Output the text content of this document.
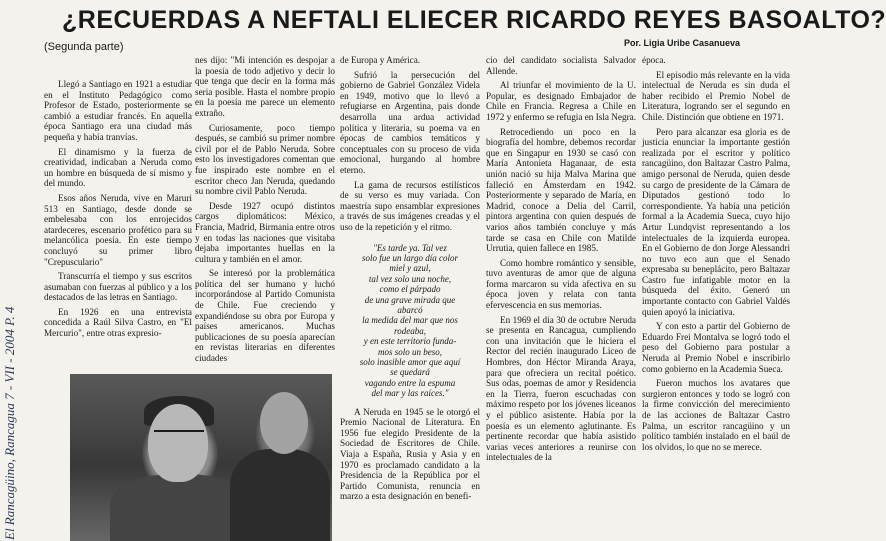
¿RECUERDAS A NEFTALI ELIECER RICARDO REYES BASOALTO?
(Segunda parte)	Por. Ligia Uribe Casanueva

Llegó a Santiago en 1921 a estudiar en el Instituto Pedagógico como Profesor de Estado, posteriormente se cambió a estudiar francés. En aquella época Santiago era una ciudad más pequeña y había tranvías.

El dinamismo y la fuerza de creatividad, indicaban a Neruda como un hombre en búsqueda de sí mismo y del mundo.

Esos años Neruda, vive en Maruri 513 en Santiago, desde donde se embelesaba con los enrojecidos atardeceres, escenario profético para su melancólica poesía. En este tiempo concluyó su primer libro "Crepusculario"

Transcurría el tiempo y sus escritos asumaban con fuerzas al público y a los destacados de las letras en Santiago.

En 1926 en una entrevista concedida a Raúl Silva Castro, en "El Mercurio", entre otras expresio-

nes dijo: "Mi intención es despojar a la poesía de todo adjetivo y decir lo que tenga que decir en la forma más seria posible. Hasta el nombre propio en la poesía me parece un elemento extraño.

Curiosamente, poco tiempo después, se cambió su primer nombre civil por el de Pablo Neruda. Sobre esto los investigadores comentan que fue inspirado este nombre en el escritor checo Jan Neruda, quedando su nombre civil Pablo Neruda.

Desde 1927 ocupó distintos cargos diplomáticos: México, Francia, Madrid, Birmania entre otros y en todas las naciones que visitaba dejaba importantes huellas en la cultura y también en el amor.

Se interesó por la problemática política del ser humano y luchó incorporándose al Partido Comunista de Chile. Fue creciendo y expandiéndose su obra por Europa y países americanos. Muchas publicaciones de su poesía aparecían en revistas literarias en diferentes ciudades

de Europa y América.

Sufrió la persecución del gobierno de Gabriel González Videla en 1949, motivo que lo llevó a refugiarse en Argentina, pais donde desarrolla una ardua actividad política y literaria, su poema va en épocas de cambios temáticos y conceptuales con su proceso de vida emocional, hurgando al hombre eterno.

La gama de recursos estilísticos de su verso es muy variada. Con maestría supo ensamblar expresiones a través de sus imágenes creadas y el uso de la repetición y el ritmo.

"Es tarde ya. Tal vez
solo fue un largo día color
miel y azul,
tal vez solo una noche,
como el párpado
de una grave mirada que
abarcó
la medida del mar que nos
rodeaba,
y en este territorio funda-
mos solo un beso,
solo inasible amor que aquí
se quedará
vagando entre la espuma
del mar y las raíces."

A Neruda en 1945 se le otorgó el Premio Nacional de Literatura. En 1956 fue elegido Presidente de la Sociedad de Escritores de Chile. Viaja a España, Rusia y Asia y en 1970 es proclamado candidato a la Presidencia de la República por el Partido Comunista, renuncia en marzo a esta designación en benefi-

cio del candidato socialista Salvador Allende.

Al triunfar el movimiento de la U. Popular, es designado Embajador de Chile en Francia. Regresa a Chile en 1972 y enfermo se refugia en Isla Negra.

Retrocediendo un poco en la biografía del hombre, debemos recordar que en Singapur en 1930 se casó con María Antonieta Haganaar, de esta unión nació su hija Malva Marina que falleció en Ámsterdam en 1942. Posteriormente y separado de María, en Madrid, conoce a Delia del Carril, pintora argentina con quien después de varios años también concluye y más tarde se casa en Chile con Matilde Urrutia, quien fallece en 1985.

Como hombre romántico y sensible, tuvo aventuras de amor que de alguna forma marcaron su vida afectiva en su época joven y relata con tanta efervescencia en sus memorias.

En 1969 el día 30 de octubre Neruda se presenta en Rancagua, cumpliendo con una invitación que le hiciera el Rector del recién inaugurado Liceo de Hombres, don Héctor Miranda Araya, para que ofreciera un recital poético. Sus odas, poemas de amor y Residencia en la Tierra, fueron escuchadas con máximo respeto por los jóvenes liceanos y el público asistente. Había por la poesía es un elemento aglutinante. Es pertinente recordar que había asistido varias veces anteriores a reunirse con intelectuales de la

época.

El episodio más relevante en la vida intelectual de Neruda es sin duda el haber recibido el Premio Nobel de Literatura, logrando ser el segundo en Chile. Distinción que obtiene en 1971.

Pero para alcanzar esa gloria es de justicia enunciar la importante gestión realizada por el escritor y político rancagüino, don Baltazar Castro Palma, amigo personal de Neruda, quien desde su cargo de presidente de la Cámara de Diputados gestionó todo lo correspondiente. Ya había una petición formal a la Academia Sueca, cuyo hijo Artur Lundqvist representando a los intelectuales de la izquierda europea. En el Gobierno de don Jorge Alessandri no tuvo eco aun que el Senado expresaba su beneplácito, pero Baltazar Castro fue infatigable motor en la búsqueda del éxito. Generó un importante contacto con Gabriel Valdés quien apoyó la iniciativa.

Y con esto a partir del Gobierno de Eduardo Frei Montalva se logró todo el peso del Gobierno para postular a Neruda al Premio Nobel e inscribirlo como gobierno en la Academia Sueca.

Fueron muchos los avatares que surgieron entonces y todo se logró con la firme convicción del merecimiento de las acciones de Baltazar Castro Palma, un escritor rancagüino y un político también instalado en el baúl de los olvidos, lo que no se merece.

El Rancagüino, Rancagua 7 - VII - 2004 P. 4
